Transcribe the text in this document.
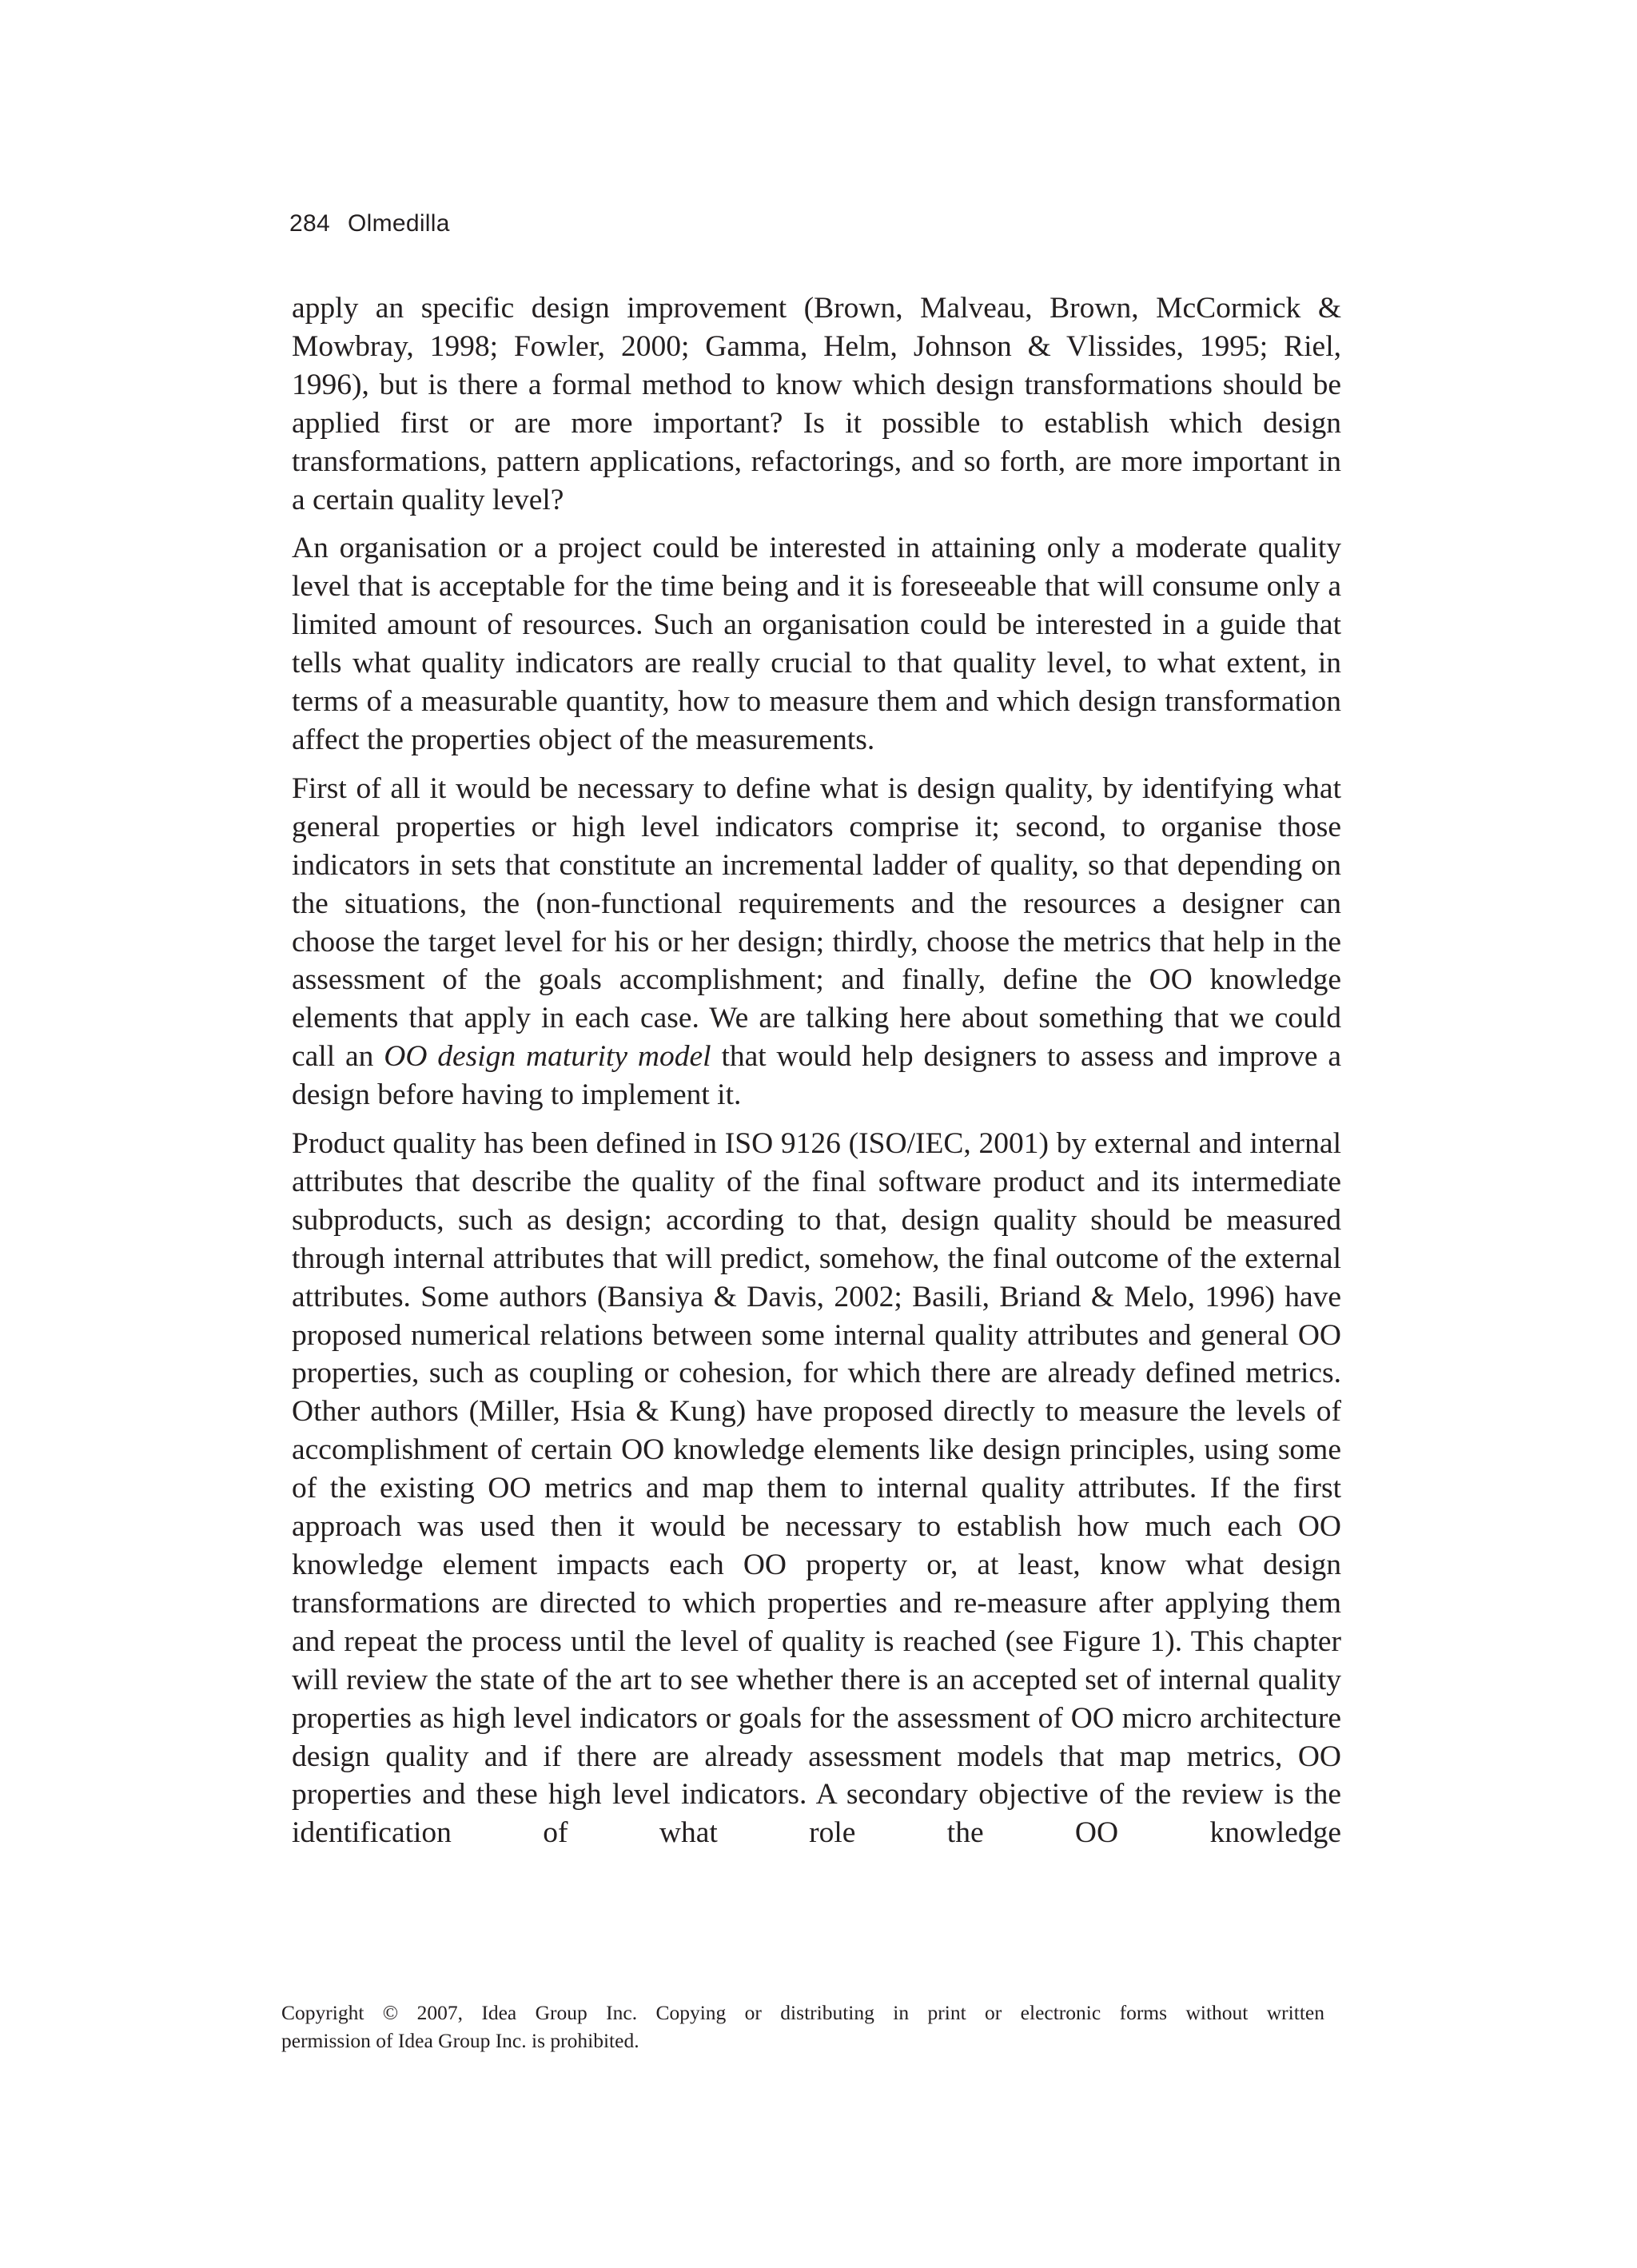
284 Olmedilla

apply an specific design improvement (Brown, Malveau, Brown, McCormick & Mowbray, 1998; Fowler, 2000; Gamma, Helm, Johnson & Vlissides, 1995; Riel, 1996), but is there a formal method to know which design transformations should be applied first or are more important? Is it possible to establish which design transformations, pattern applications, refactorings, and so forth, are more important in a certain quality level?

An organisation or a project could be interested in attaining only a moderate quality level that is acceptable for the time being and it is foreseeable that will consume only a limited amount of resources. Such an organisation could be interested in a guide that tells what quality indicators are really crucial to that quality level, to what extent, in terms of a measurable quantity, how to measure them and which design transformation affect the properties object of the measurements.

First of all it would be necessary to define what is design quality, by identifying what general properties or high level indicators comprise it; second, to organise those indicators in sets that constitute an incremental ladder of quality, so that depending on the situations, the (non-functional requirements and the resources a designer can choose the target level for his or her design; thirdly, choose the metrics that help in the assessment of the goals accomplishment; and finally, define the OO knowledge elements that apply in each case. We are talking here about something that we could call an OO design maturity model that would help designers to assess and improve a design before having to implement it.

Product quality has been defined in ISO 9126 (ISO/IEC, 2001) by external and internal attributes that describe the quality of the final software product and its intermediate subproducts, such as design; according to that, design quality should be measured through internal attributes that will predict, somehow, the final outcome of the external attributes. Some authors (Bansiya & Davis, 2002; Basili, Briand & Melo, 1996) have proposed numerical relations between some internal quality attributes and general OO properties, such as coupling or cohesion, for which there are already defined metrics. Other authors (Miller, Hsia & Kung) have proposed directly to measure the levels of accomplishment of certain OO knowledge elements like design principles, using some of the existing OO metrics and map them to internal quality attributes. If the first approach was used then it would be necessary to establish how much each OO knowledge element impacts each OO property or, at least, know what design transformations are directed to which properties and re-measure after applying them and repeat the process until the level of quality is reached (see Figure 1). This chapter will review the state of the art to see whether there is an accepted set of internal quality properties as high level indicators or goals for the assessment of OO micro architecture design quality and if there are already assessment models that map metrics, OO properties and these high level indicators. A secondary objective of the review is the identification of what role the OO knowledge

Copyright © 2007, Idea Group Inc. Copying or distributing in print or electronic forms without written
permission of Idea Group Inc. is prohibited.
